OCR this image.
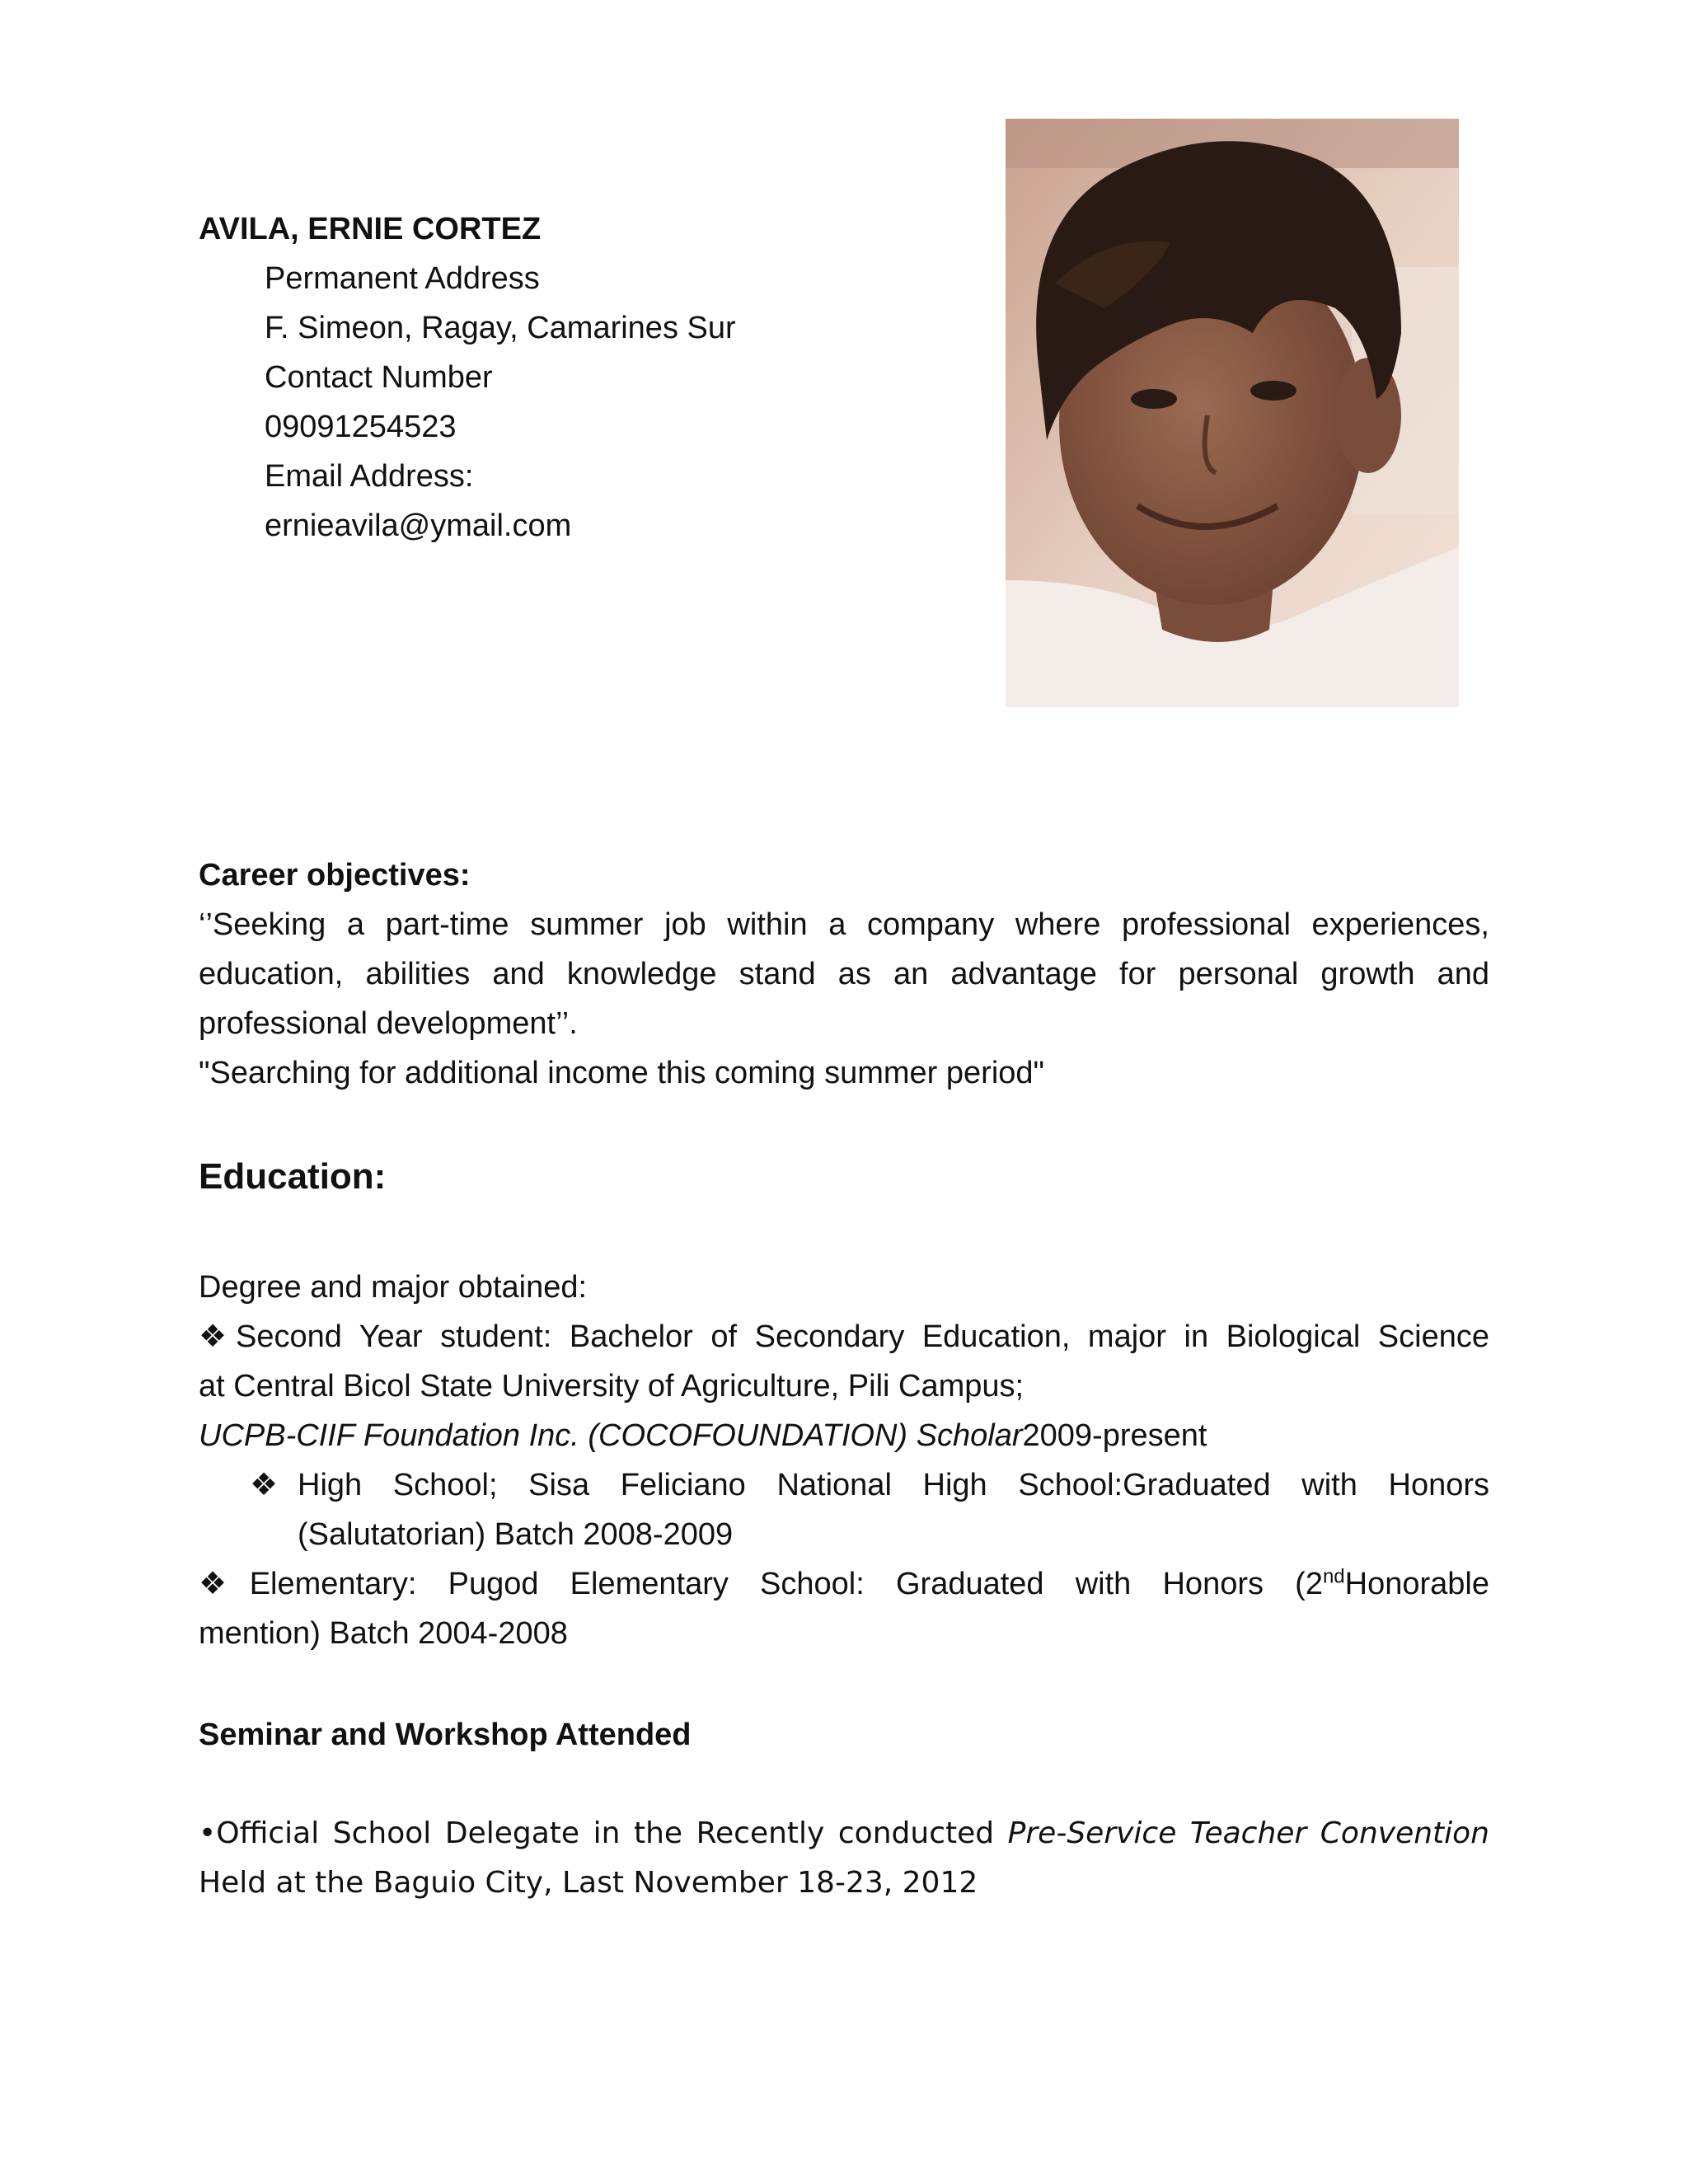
AVILA, ERNIE CORTEZ
Permanent Address
F. Simeon, Ragay, Camarines Sur
Contact Number
09091254523
Email Address:
ernieavila@ymail.com
Career objectives:
‘’Seeking a part-time summer job within a company where professional experiences,
education, abilities and knowledge stand as an advantage for personal growth and
professional development’’.
"Searching for additional income this coming summer period"
Education:
Degree and major obtained:
❖Second Year student: Bachelor of Secondary Education, major in Biological Science
at Central Bicol State University of Agriculture, Pili Campus;
UCPB-CIIF Foundation Inc. (COCOFOUNDATION) Scholar2009-present
❖ High School; Sisa Feliciano National High School:Graduated with Honors
(Salutatorian) Batch 2008-2009
❖Elementary: Pugod Elementary School: Graduated with Honors (2ndHonorable
mention) Batch 2004-2008
Seminar and Workshop Attended
•Official School Delegate in the Recently conducted Pre-Service Teacher Convention
Held at the Baguio City, Last November 18-23, 2012
